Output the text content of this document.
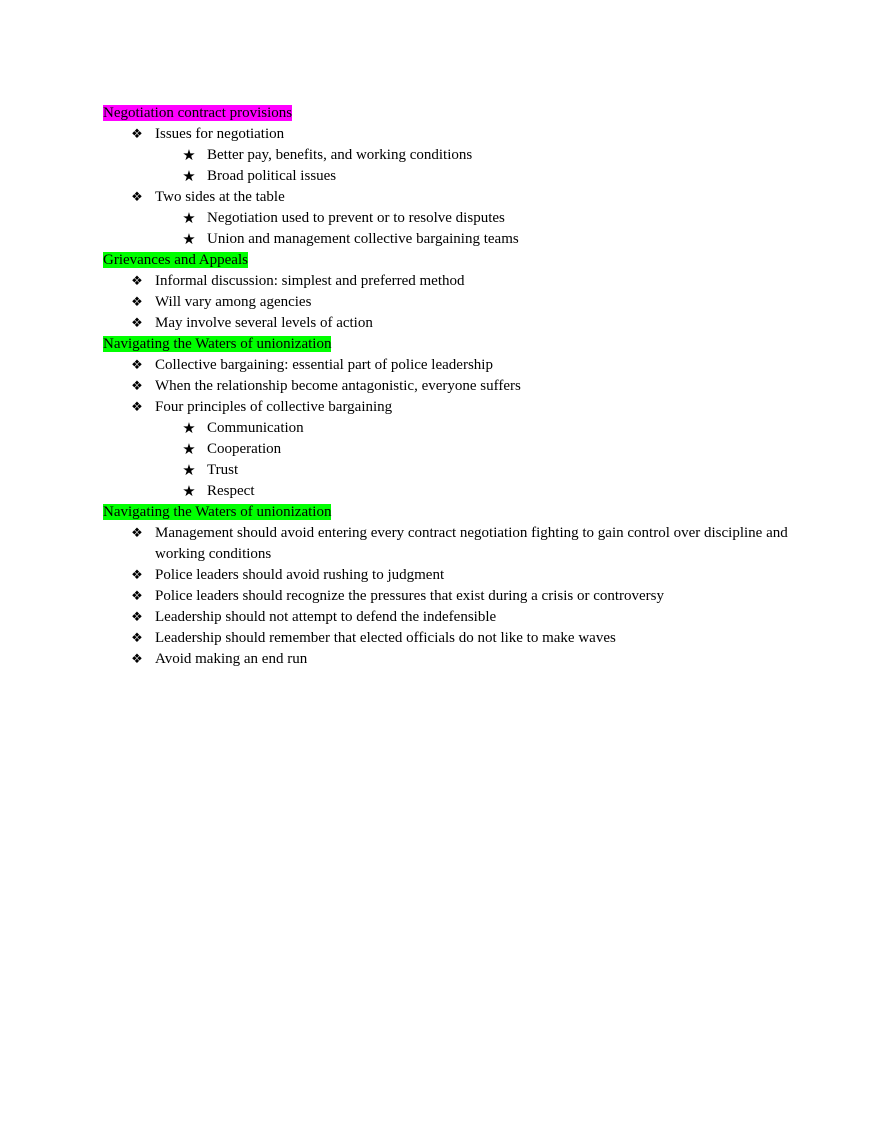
Negotiation contract provisions
❖ Issues for negotiation
★ Better pay, benefits, and working conditions
★ Broad political issues
❖ Two sides at the table
★ Negotiation used to prevent or to resolve disputes
★ Union and management collective bargaining teams
Grievances and Appeals
❖ Informal discussion: simplest and preferred method
❖ Will vary among agencies
❖ May involve several levels of action
Navigating the Waters of unionization
❖ Collective bargaining: essential part of police leadership
❖ When the relationship become antagonistic, everyone suffers
❖ Four principles of collective bargaining
★ Communication
★ Cooperation
★ Trust
★ Respect
Navigating the Waters of unionization
❖ Management should avoid entering every contract negotiation fighting to gain control over discipline and working conditions
❖ Police leaders should avoid rushing to judgment
❖ Police leaders should recognize the pressures that exist during a crisis or controversy
❖ Leadership should not attempt to defend the indefensible
❖ Leadership should remember that elected officials do not like to make waves
❖ Avoid making an end run
